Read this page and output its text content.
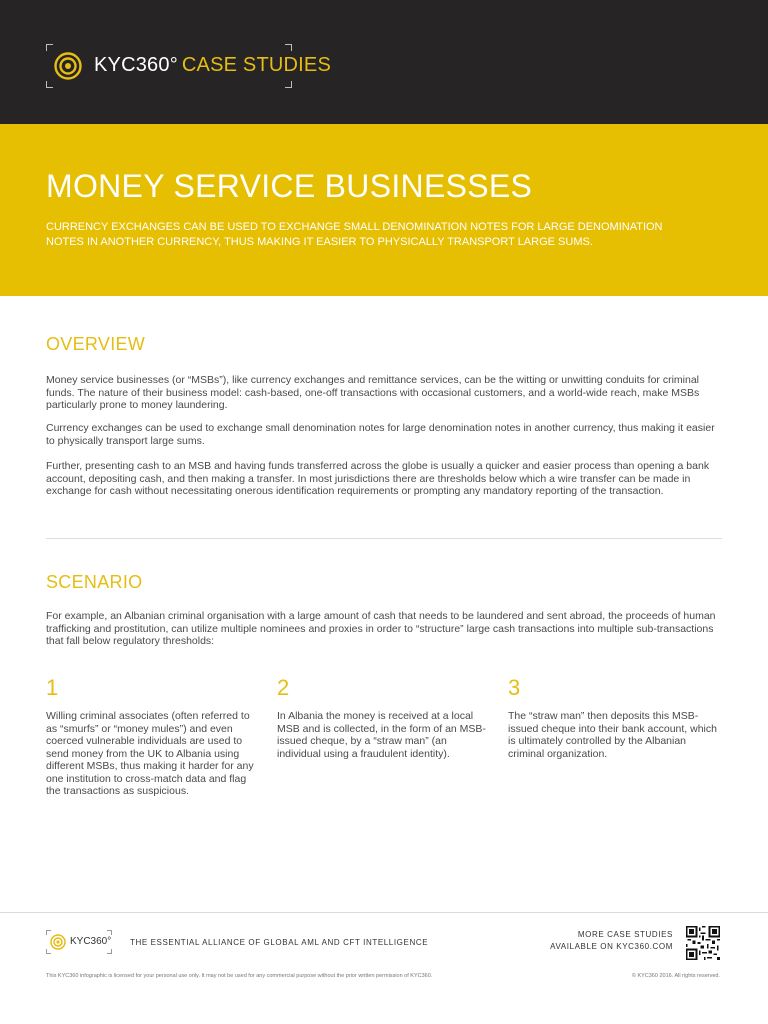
KYC360° CASE STUDIES
MONEY SERVICE BUSINESSES

CURRENCY EXCHANGES CAN BE USED TO EXCHANGE SMALL DENOMINATION NOTES FOR LARGE DENOMINATION NOTES IN ANOTHER CURRENCY, THUS MAKING IT EASIER TO PHYSICALLY TRANSPORT LARGE SUMS.

OVERVIEW

Money service businesses (or “MSBs”), like currency exchanges and remittance services, can be the witting or unwitting conduits for criminal funds. The nature of their business model: cash-based, one-off transactions with occasional customers, and a world-wide reach, make MSBs particularly prone to money laundering.

Currency exchanges can be used to exchange small denomination notes for large denomination notes in another currency, thus making it easier to physically transport large sums.

Further, presenting cash to an MSB and having funds transferred across the globe is usually a quicker and easier process than opening a bank account, depositing cash, and then making a transfer. In most jurisdictions there are thresholds below which a wire transfer can be made in exchange for cash without necessitating onerous identification requirements or prompting any mandatory reporting of the transaction.

SCENARIO

For example, an Albanian criminal organisation with a large amount of cash that needs to be laundered and sent abroad, the proceeds of human trafficking and prostitution, can utilize multiple nominees and proxies in order to “structure” large cash transactions into multiple sub-transactions that fall below regulatory thresholds:

1

Willing criminal associates (often referred to as “smurfs” or “money mules”) and even coerced vulnerable individuals are used to send money from the UK to Albania using different MSBs, thus making it harder for any one institution to cross-match data and flag the transactions as suspicious.

2

In Albania the money is received at a local MSB and is collected, in the form of an MSB-issued cheque, by a “straw man” (an individual using a fraudulent identity).

3

The “straw man” then deposits this MSB-issued cheque into their bank account, which is ultimately controlled by the Albanian criminal organization.

KYC360° THE ESSENTIAL ALLIANCE OF GLOBAL AML AND CFT INTELLIGENCE
MORE CASE STUDIES
AVAILABLE ON KYC360.COM
This KYC360 infographic is licensed for your personal use only. It may not be used for any commercial purpose without the prior written permission of KYC360.	© KYC360 2016. All rights reserved.
